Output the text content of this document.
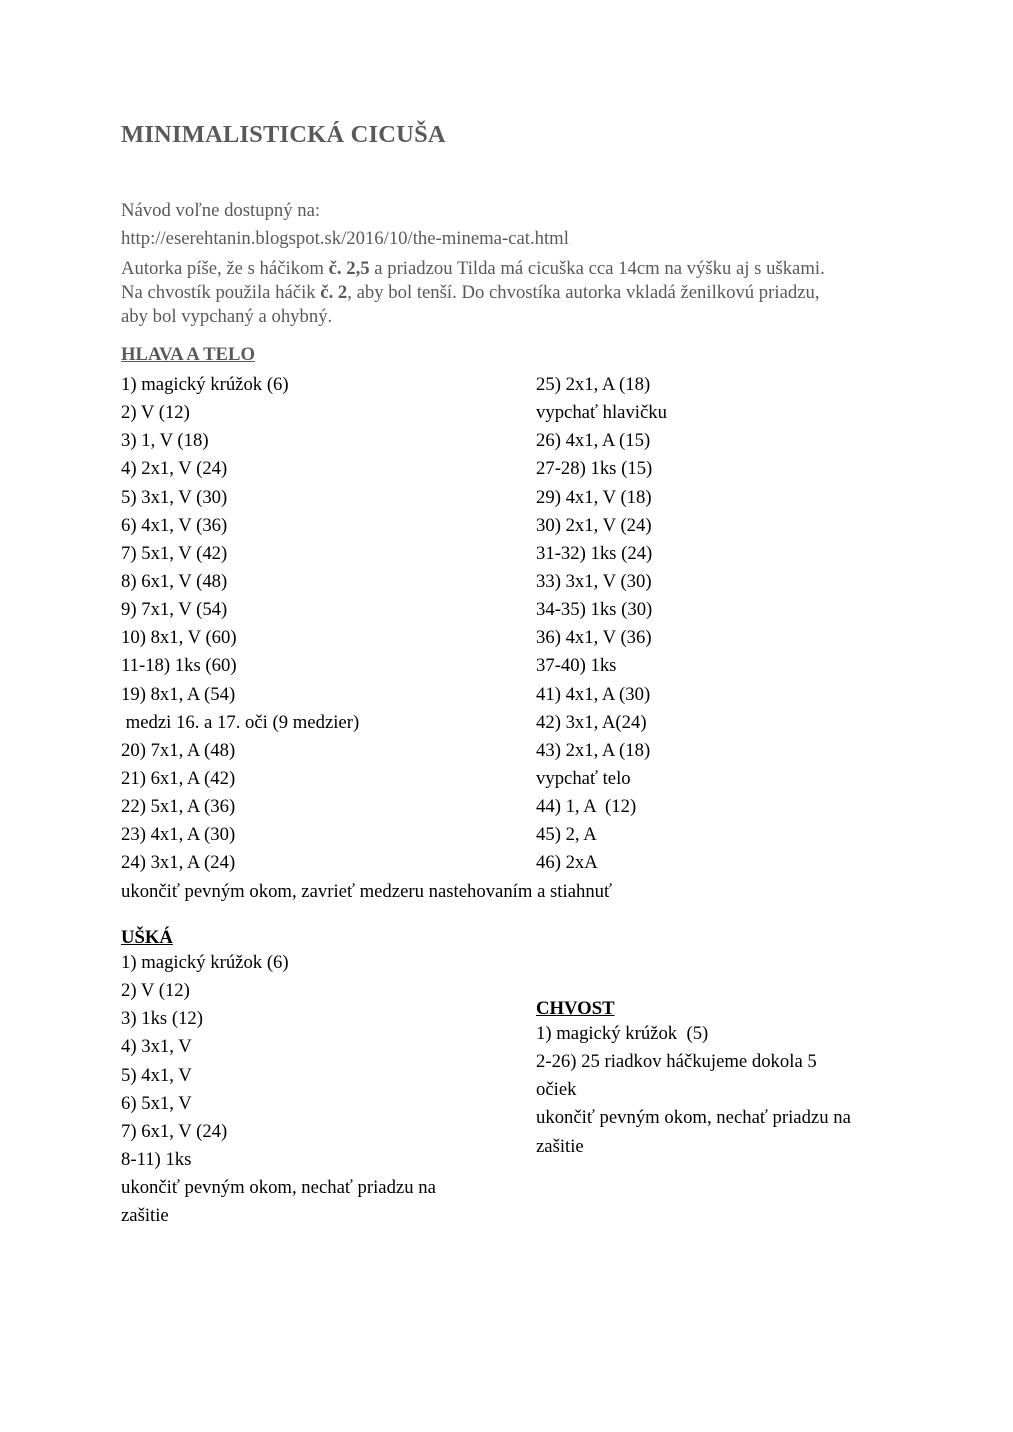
MINIMALISTICKÁ CICUŠA
Návod voľne dostupný na:
http://eserehtanin.blogspot.sk/2016/10/the-minema-cat.html
Autorka píše, že s háčikom č. 2,5 a priadzou Tilda má cicuška cca 14cm na výšku aj s uškami.
Na chvostík použila háčik č. 2, aby bol tenší. Do chvostíka autorka vkladá ženilkovú priadzu,
aby bol vypchaný a ohybný.
HLAVA A TELO
1) magický krúžok (6)
2) V (12)
3) 1, V (18)
4) 2x1, V (24)
5) 3x1, V (30)
6) 4x1, V (36)
7) 5x1, V (42)
8) 6x1, V (48)
9) 7x1, V (54)
10) 8x1, V (60)
11-18) 1ks (60)
19) 8x1, A (54)
medzi 16. a 17. oči (9 medzier)
20) 7x1, A (48)
21) 6x1, A (42)
22) 5x1, A (36)
23) 4x1, A (30)
24) 3x1, A (24)
25) 2x1, A (18)
vypchať hlavičku
26) 4x1, A (15)
27-28) 1ks (15)
29) 4x1, V (18)
30) 2x1, V (24)
31-32) 1ks (24)
33) 3x1, V (30)
34-35) 1ks (30)
36) 4x1, V (36)
37-40) 1ks
41) 4x1, A (30)
42) 3x1, A(24)
43) 2x1, A (18)
vypchať telo
44) 1, A  (12)
45) 2, A
46) 2xA
ukončiť pevným okom, zavrieť medzeru nastehovaním a stiahnuť
UŠKÁ
1) magický krúžok (6)
2) V (12)
3) 1ks (12)
4) 3x1, V
5) 4x1, V
6) 5x1, V
7) 6x1, V (24)
8-11) 1ks
ukončiť pevným okom, nechať priadzu na
zašitie
CHVOST
1) magický krúžok  (5)
2-26) 25 riadkov háčkujeme dokola 5
očiek
ukončiť pevným okom, nechať priadzu na
zašitie
